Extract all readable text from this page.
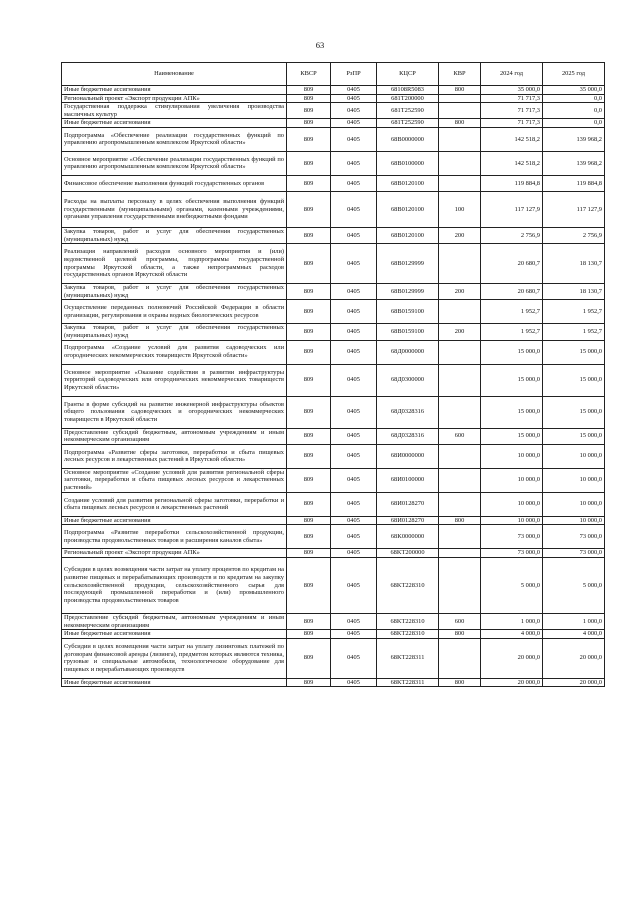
63
Наименование	КВСР	РзПР	КЦСР	КВР	2024 год	2025 год
Иные бюджетные ассигнования	809	0405	68108R5083	800	35 000,0	35 000,0
Региональный проект «Экспорт продукции АПК»	809	0405	681T200000		71 717,3	0,0
Государственная поддержка стимулирования увеличения производства масличных культур	809	0405	681T252590		71 717,3	0,0
Иные бюджетные ассигнования	809	0405	681T252590	800	71 717,3	0,0
Подпрограмма «Обеспечение реализации государственных функций по управлению агропромышленным комплексом Иркутской области»	809	0405	68B0000000		142 518,2	139 968,2
Основное мероприятие «Обеспечение реализации государственных функций по управлению агропромышленным комплексом Иркутской области»	809	0405	68B0100000		142 518,2	139 968,2
Финансовое обеспечение выполнения функций государственных органов	809	0405	68B0120100		119 884,8	119 884,8
Расходы на выплаты персоналу в целях обеспечения выполнения функций государственными (муниципальными) органами, казенными учреждениями, органами управления государственными внебюджетными фондами	809	0405	68B0120100	100	117 127,9	117 127,9
Закупка товаров, работ и услуг для обеспечения государственных (муниципальных) нужд	809	0405	68B0120100	200	2 756,9	2 756,9
Реализация направлений расходов основного мероприятия и (или) ведомственной целевой программы, подпрограммы государственной программы Иркутской области, а также непрограммных расходов государственных органов Иркутской области	809	0405	68B0129999		20 680,7	18 130,7
Закупка товаров, работ и услуг для обеспечения государственных (муниципальных) нужд	809	0405	68B0129999	200	20 680,7	18 130,7
Осуществление переданных полномочий Российской Федерации в области организации, регулирования и охраны водных биологических ресурсов	809	0405	68B0159100		1 952,7	1 952,7
Закупка товаров, работ и услуг для обеспечения государственных (муниципальных) нужд	809	0405	68B0159100	200	1 952,7	1 952,7
Подпрограмма «Создание условий для развития садоводческих или огороднических некоммерческих товариществ Иркутской области»	809	0405	68Д0000000		15 000,0	15 000,0
Основное мероприятие «Оказание содействия в развитии инфраструктуры территорий садоводческих или огороднических некоммерческих товариществ Иркутской области»	809	0405	68Д0300000		15 000,0	15 000,0
Гранты в форме субсидий на развитие инженерной инфраструктуры объектов общего пользования садоводческих и огороднических некоммерческих товариществ в Иркутской области	809	0405	68Д0328316		15 000,0	15 000,0
Предоставление субсидий бюджетным, автономным учреждениям и иным некоммерческим организациям	809	0405	68Д0328316	600	15 000,0	15 000,0
Подпрограмма «Развитие сферы заготовки, переработки и сбыта пищевых лесных ресурсов и лекарственных растений в Иркутской области»	809	0405	68И0000000		10 000,0	10 000,0
Основное мероприятие «Создание условий для развития региональной сферы заготовки, переработки и сбыта пищевых лесных ресурсов и лекарственных растений»	809	0405	68И0100000		10 000,0	10 000,0
Создание условий для развития региональной сферы заготовки, переработки и сбыта пищевых лесных ресурсов и лекарственных растений	809	0405	68И0128270		10 000,0	10 000,0
Иные бюджетные ассигнования	809	0405	68И0128270	800	10 000,0	10 000,0
Подпрограмма «Развитие переработки сельскохозяйственной продукции, производства продовольственных товаров и расширения каналов сбыта»	809	0405	68K0000000		73 000,0	73 000,0
Региональный проект «Экспорт продукции АПК»	809	0405	68KT200000		73 000,0	73 000,0
Субсидии в целях возмещения части затрат на уплату процентов по кредитам на развитие пищевых и перерабатывающих производств и по кредитам на закупку сельскохозяйственной продукции, сельскохозяйственного сырья для последующей промышленной переработки и (или) промышленного производства продовольственных товаров	809	0405	68KT228310		5 000,0	5 000,0
Предоставление субсидий бюджетным, автономным учреждениям и иным некоммерческим организациям	809	0405	68KT228310	600	1 000,0	1 000,0
Иные бюджетные ассигнования	809	0405	68KT228310	800	4 000,0	4 000,0
Субсидии в целях возмещения части затрат на уплату лизинговых платежей по договорам финансовой аренды (лизинга), предметом которых являются техника, грузовые и специальные автомобили, технологическое оборудование для пищевых и перерабатывающих производств	809	0405	68KT228311		20 000,0	20 000,0
Иные бюджетные ассигнования	809	0405	68KT228311	800	20 000,0	20 000,0
